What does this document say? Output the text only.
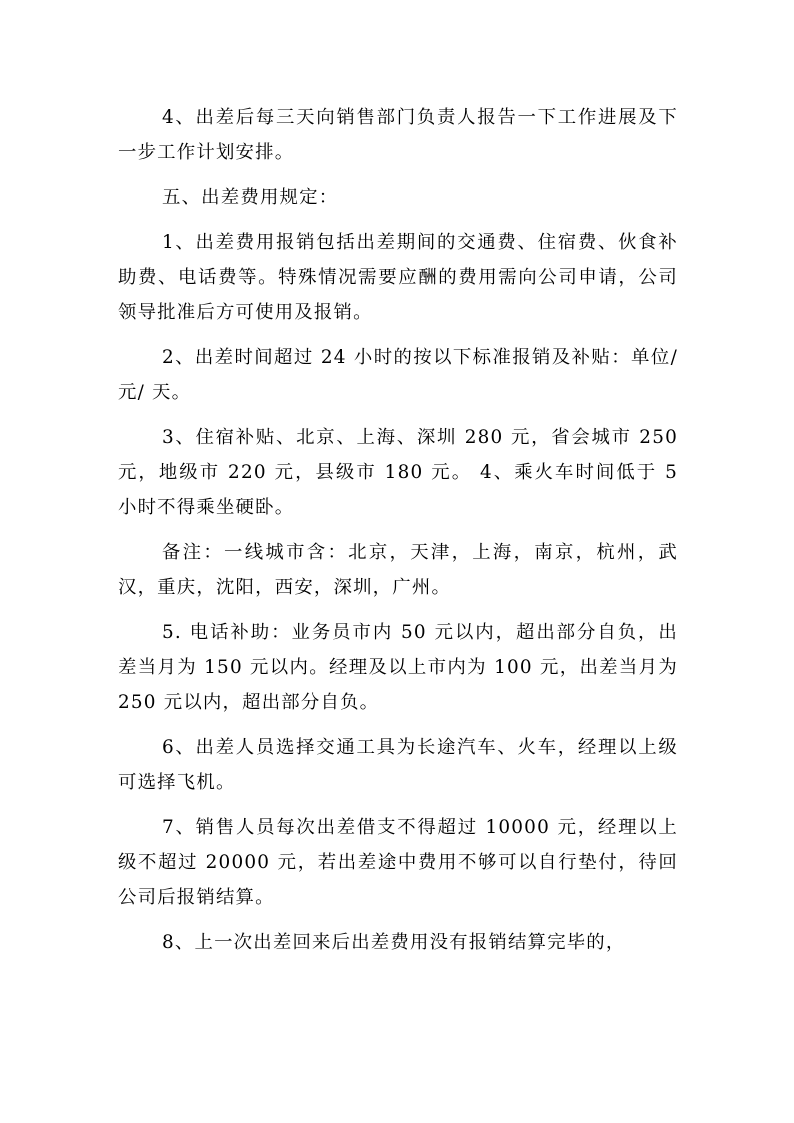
4、出差后每三天向销售部门负责人报告一下工作进展及下一步工作计划安排。

五、出差费用规定：

1、出差费用报销包括出差期间的交通费、住宿费、伙食补助费、电话费等。特殊情况需要应酬的费用需向公司申请，公司领导批准后方可使用及报销。

2、出差时间超过 24 小时的按以下标准报销及补贴：单位/ 元/ 天。

3、住宿补贴、北京、上海、深圳 280 元，省会城市 250 元，地级市 220 元，县级市 180 元。 4、乘火车时间低于 5 小时不得乘坐硬卧。

备注：一线城市含：北京，天津，上海，南京，杭州，武汉，重庆，沈阳，西安，深圳，广州。

5. 电话补助：业务员市内 50 元以内，超出部分自负，出差当月为 150 元以内。经理及以上市内为 100 元，出差当月为 250 元以内，超出部分自负。

6、出差人员选择交通工具为长途汽车、火车，经理以上级可选择飞机。

7、销售人员每次出差借支不得超过 10000 元，经理以上级不超过 20000 元，若出差途中费用不够可以自行垫付，待回公司后报销结算。

8、上一次出差回来后出差费用没有报销结算完毕的，
